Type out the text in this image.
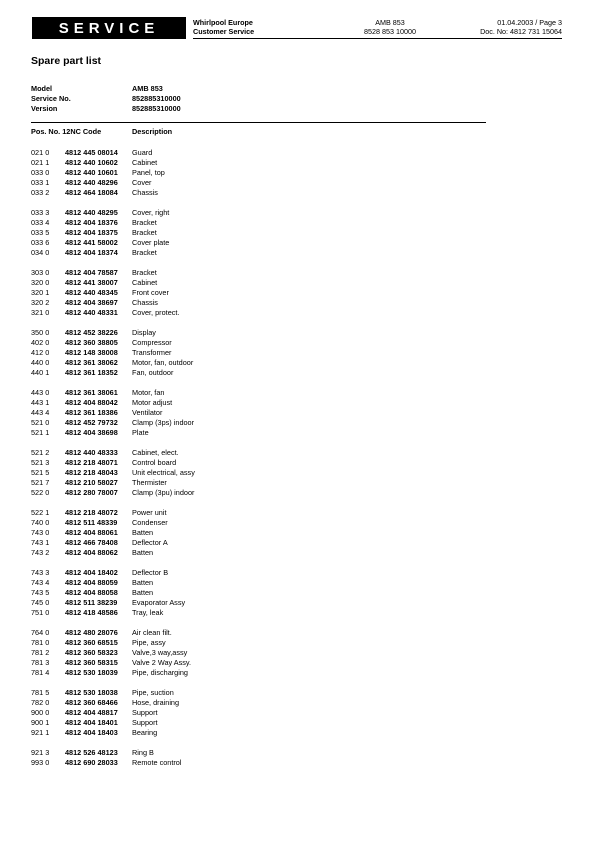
SERVICE	Whirlpool Europe
Customer Service
AMB 853
8528 853 10000
01.04.2003 / Page 3
Doc. No: 4812 731 15064
Spare part list
Model	AMB 853
Service No.	852885310000
Version	852885310000
Pos. No. 12NC Code	Description
021 0	4812 445 08014	Guard
021 1	4812 440 10602	Cabinet
033 0	4812 440 10601	Panel, top
033 1	4812 440 48296	Cover
033 2	4812 464 18084	Chassis
033 3	4812 440 48295	Cover, right
033 4	4812 404 18376	Bracket
033 5	4812 404 18375	Bracket
033 6	4812 441 58002	Cover plate
034 0	4812 404 18374	Bracket
303 0	4812 404 78587	Bracket
320 0	4812 441 38007	Cabinet
320 1	4812 440 48345	Front cover
320 2	4812 404 38697	Chassis
321 0	4812 440 48331	Cover, protect.
350 0	4812 452 38226	Display
402 0	4812 360 38805	Compressor
412 0	4812 148 38008	Transformer
440 0	4812 361 38062	Motor, fan, outdoor
440 1	4812 361 18352	Fan, outdoor
443 0	4812 361 38061	Motor, fan
443 1	4812 404 88042	Motor adjust
443 4	4812 361 18386	Ventilator
521 0	4812 452 79732	Clamp (3ps) indoor
521 1	4812 404 38698	Plate
521 2	4812 440 48333	Cabinet, elect.
521 3	4812 218 48071	Control board
521 5	4812 218 48043	Unit electrical, assy
521 7	4812 210 58027	Thermister
522 0	4812 280 78007	Clamp (3pu) indoor
522 1	4812 218 48072	Power unit
740 0	4812 511 48339	Condenser
743 0	4812 404 88061	Batten
743 1	4812 466 78408	Deflector A
743 2	4812 404 88062	Batten
743 3	4812 404 18402	Deflector B
743 4	4812 404 88059	Batten
743 5	4812 404 88058	Batten
745 0	4812 511 38239	Evaporator Assy
751 0	4812 418 48586	Tray, leak
764 0	4812 480 28076	Air clean filt.
781 0	4812 360 68515	Pipe, assy
781 2	4812 360 58323	Valve,3 way,assy
781 3	4812 360 58315	Valve 2 Way Assy.
781 4	4812 530 18039	Pipe, discharging
781 5	4812 530 18038	Pipe, suction
782 0	4812 360 68466	Hose, draining
900 0	4812 404 48817	Support
900 1	4812 404 18401	Support
921 1	4812 404 18403	Bearing
921 3	4812 526 48123	Ring B
993 0	4812 690 28033	Remote control
